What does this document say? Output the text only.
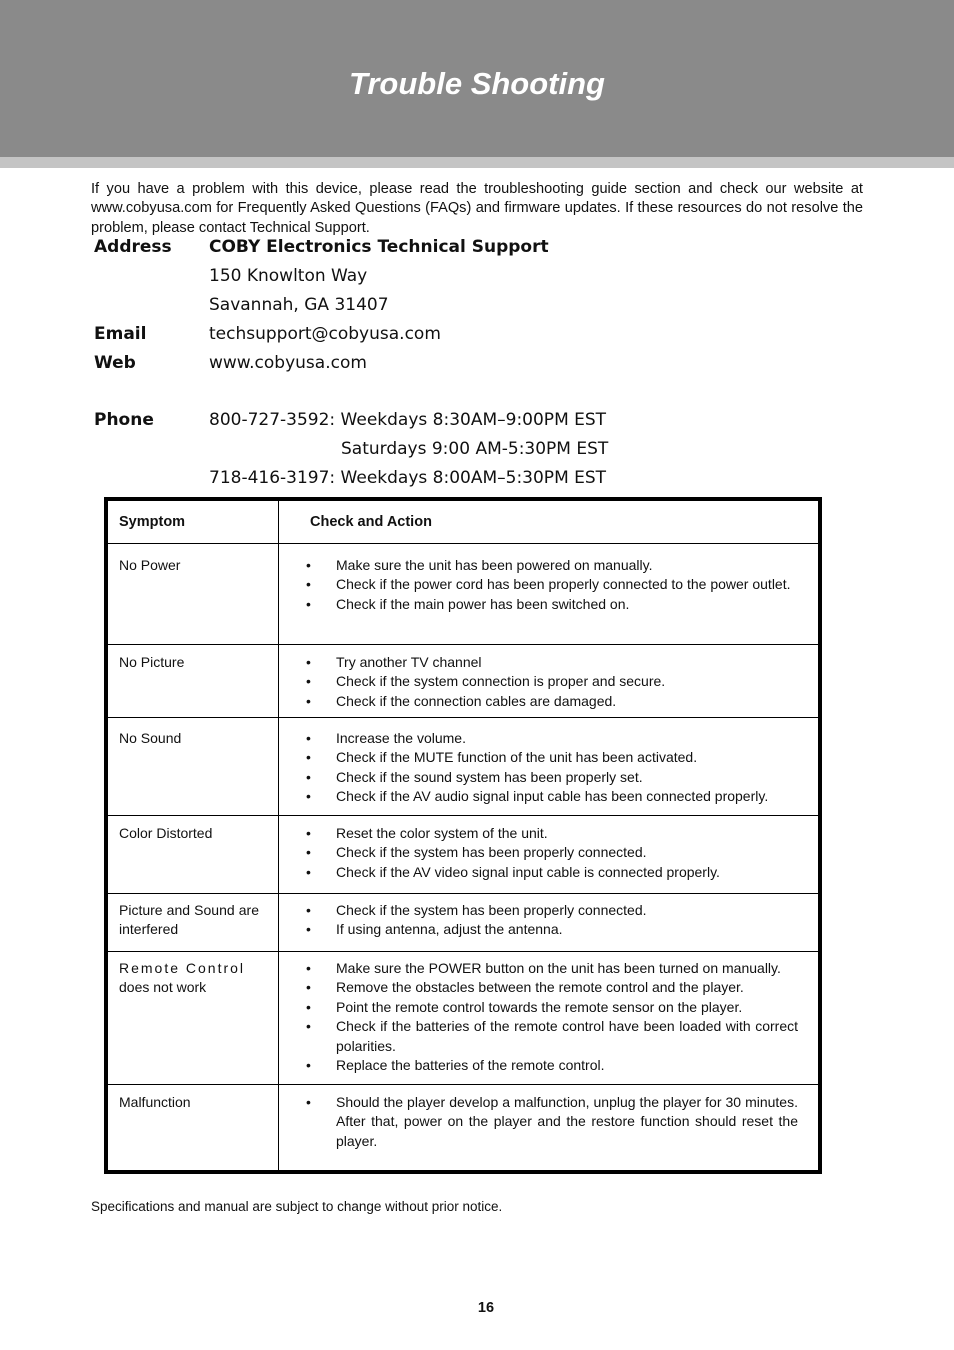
Trouble Shooting
If you have a problem with this device, please read the troubleshooting guide section and check our website at www.cobyusa.com for Frequently Asked Questions (FAQs) and firmware updates. If these resources do not resolve the problem, please contact Technical Support.
Address COBY Electronics Technical Support
150 Knowlton Way
Savannah, GA 31407
Email	techsupport@cobyusa.com
Web	www.cobyusa.com
Phone	800-727-3592: Weekdays 8:30AM–9:00PM EST
Saturdays 9:00 AM-5:30PM EST
718-416-3197: Weekdays 8:00AM–5:30PM EST
Symptom	Check and Action
No Power	• Make sure the unit has been powered on manually.
• Check if the power cord has been properly connected to the power outlet.
• Check if the main power has been switched on.
No Picture	• Try another TV channel
• Check if the system connection is proper and secure.
• Check if the connection cables are damaged.
No Sound	• Increase the volume.
• Check if the MUTE function of the unit has been activated.
• Check if the sound system has been properly set.
• Check if the AV audio signal input cable has been connected properly.
Color Distorted	• Reset the color system of the unit.
• Check if the system has been properly connected.
• Check if the AV video signal input cable is connected properly.
Picture and Sound are interfered
• Check if the system has been properly connected.
• If using antenna, adjust the antenna.
Remote Control
does not work
• Make sure the POWER button on the unit has been turned on manually.
• Remove the obstacles between the remote control and the player.
• Point the remote control towards the remote sensor on the player.
• Check if the batteries of the remote control have been loaded with correct polarities.
• Replace the batteries of the remote control.
Malfunction	• Should the player develop a malfunction, unplug the player for 30 minutes. After that, power on the player and the restore function should reset the player.
Specifications and manual are subject to change without prior notice.
16
